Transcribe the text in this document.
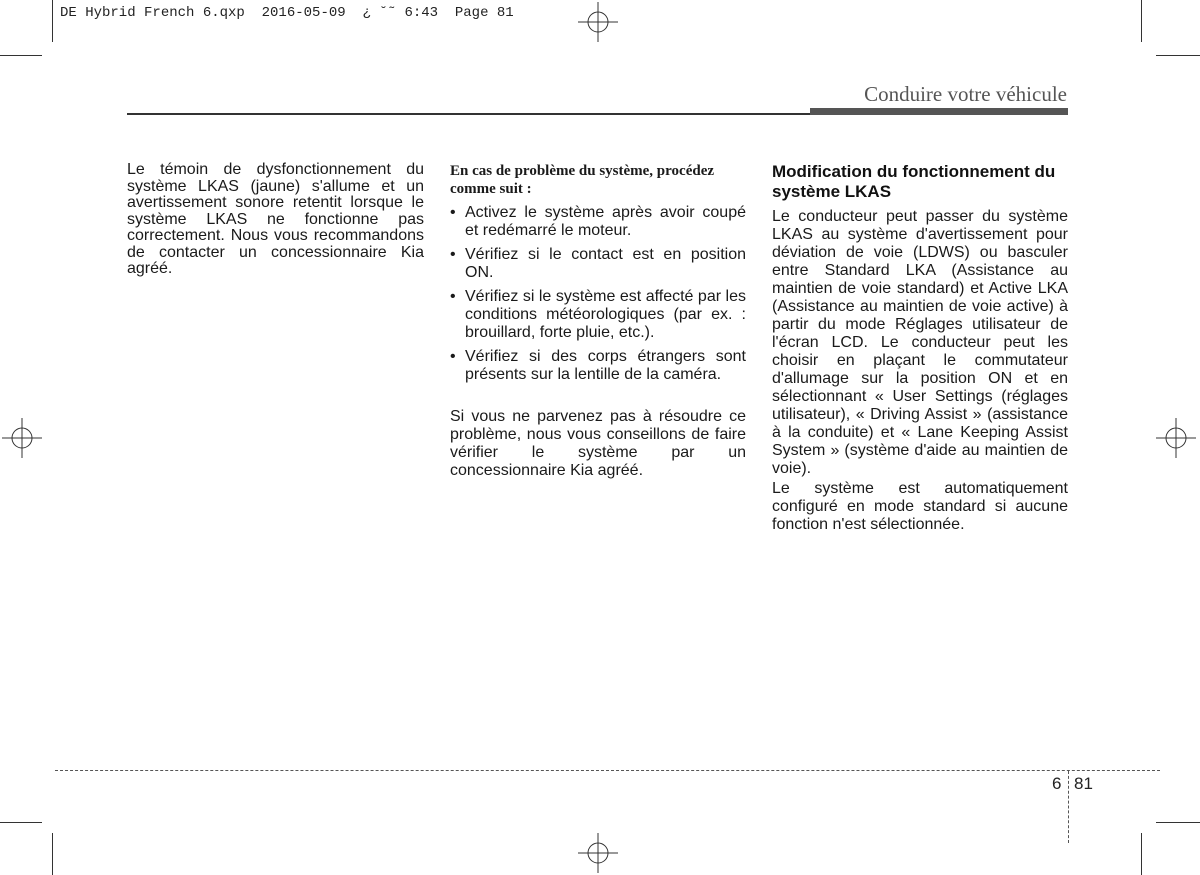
DE Hybrid French 6.qxp  2016-05-09  ¿ ˘˜ 6:43  Page 81
Conduire votre véhicule

Le témoin de dysfonctionnement du système LKAS (jaune) s'allume et un avertissement sonore retentit lorsque le système LKAS ne fonctionne pas correctement. Nous vous recommandons de contacter un concessionnaire Kia agréé.

En cas de problème du système, procédez comme suit :

• Activez le système après avoir coupé et redémarré le moteur.
• Vérifiez si le contact est en position ON.
• Vérifiez si le système est affecté par les conditions météorologiques (par ex. : brouillard, forte pluie, etc.).
• Vérifiez si des corps étrangers sont présents sur la lentille de la caméra.

Si vous ne parvenez pas à résoudre ce problème, nous vous conseillons de faire vérifier le système par un concessionnaire Kia agréé.

Modification du fonctionnement du système LKAS

Le conducteur peut passer du système LKAS au système d'avertissement pour déviation de voie (LDWS) ou basculer entre Standard LKA (Assistance au maintien de voie standard) et Active LKA (Assistance au maintien de voie active) à partir du mode Réglages utilisateur de l'écran LCD. Le conducteur peut les choisir en plaçant le commutateur d'allumage sur la position ON et en sélectionnant « User Settings (réglages utilisateur), « Driving Assist » (assistance à la conduite) et « Lane Keeping Assist System » (système d'aide au maintien de voie).

Le système est automatiquement configuré en mode standard si aucune fonction n'est sélectionnée.

6 81
